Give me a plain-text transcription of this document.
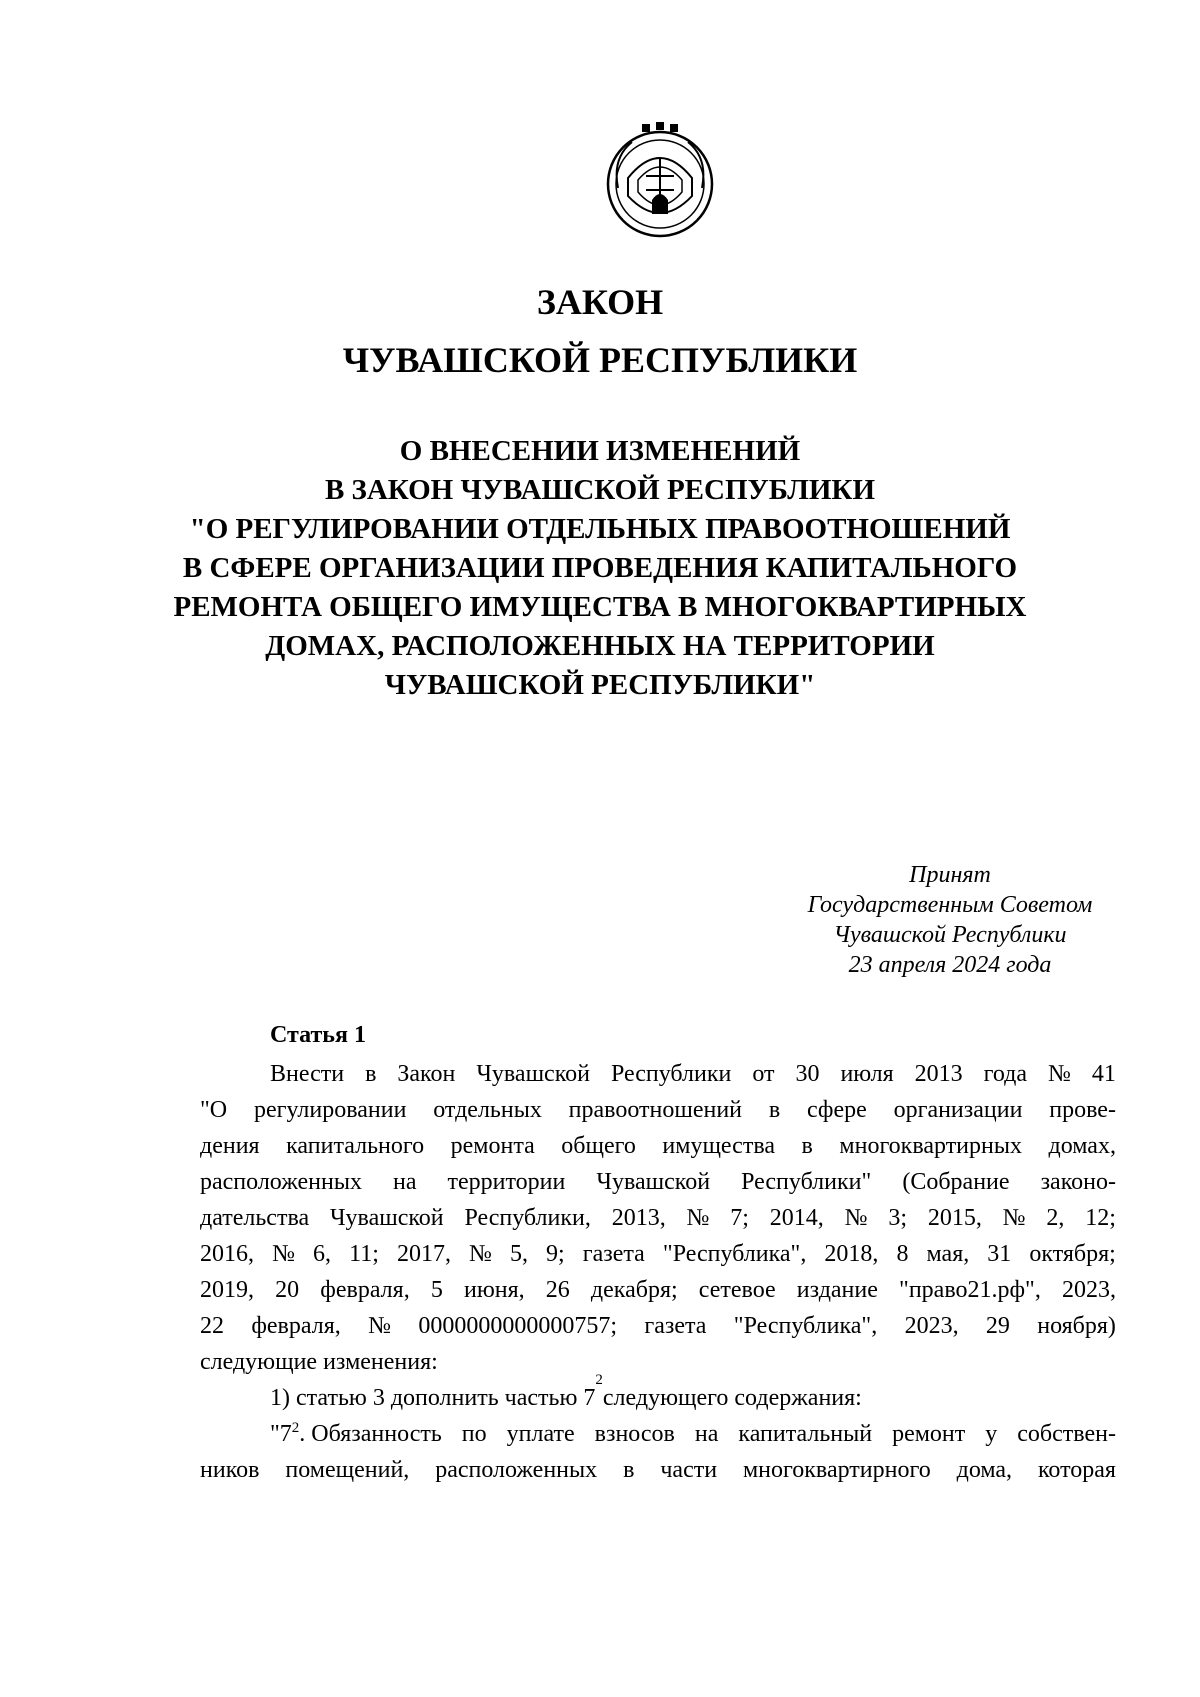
ЗАКОН
ЧУВАШСКОЙ РЕСПУБЛИКИ
О ВНЕСЕНИИ ИЗМЕНЕНИЙ
В ЗАКОН ЧУВАШСКОЙ РЕСПУБЛИКИ
"О РЕГУЛИРОВАНИИ ОТДЕЛЬНЫХ ПРАВООТНОШЕНИЙ
В СФЕРЕ ОРГАНИЗАЦИИ ПРОВЕДЕНИЯ КАПИТАЛЬНОГО
РЕМОНТА ОБЩЕГО ИМУЩЕСТВА В МНОГОКВАРТИРНЫХ
ДОМАХ, РАСПОЛОЖЕННЫХ НА ТЕРРИТОРИИ
ЧУВАШСКОЙ РЕСПУБЛИКИ"
Принят
Государственным Советом
Чувашской Республики
23 апреля 2024 года
Статья 1
Внести в Закон Чувашской Республики от 30 июля 2013 года № 41
"О регулировании отдельных правоотношений в сфере организации прове-
дения капитального ремонта общего имущества в многоквартирных домах,
расположенных на территории Чувашской Республики" (Собрание законо-
дательства Чувашской Республики, 2013, № 7; 2014, № 3; 2015, № 2, 12;
2016, № 6, 11; 2017, № 5, 9; газета "Республика", 2018, 8 мая, 31 октября;
2019, 20 февраля, 5 июня, 26 декабря; сетевое издание "право21.рф", 2023,
22 февраля, № 0000000000000757; газета "Республика", 2023, 29 ноября)
следующие изменения:
1) статью 3 дополнить частью 7
2
следующего содержания:
"$7^2$. Обязанность по уплате взносов на капитальный ремонт у собствен-
ников помещений, расположенных в части многоквартирного дома, которая
